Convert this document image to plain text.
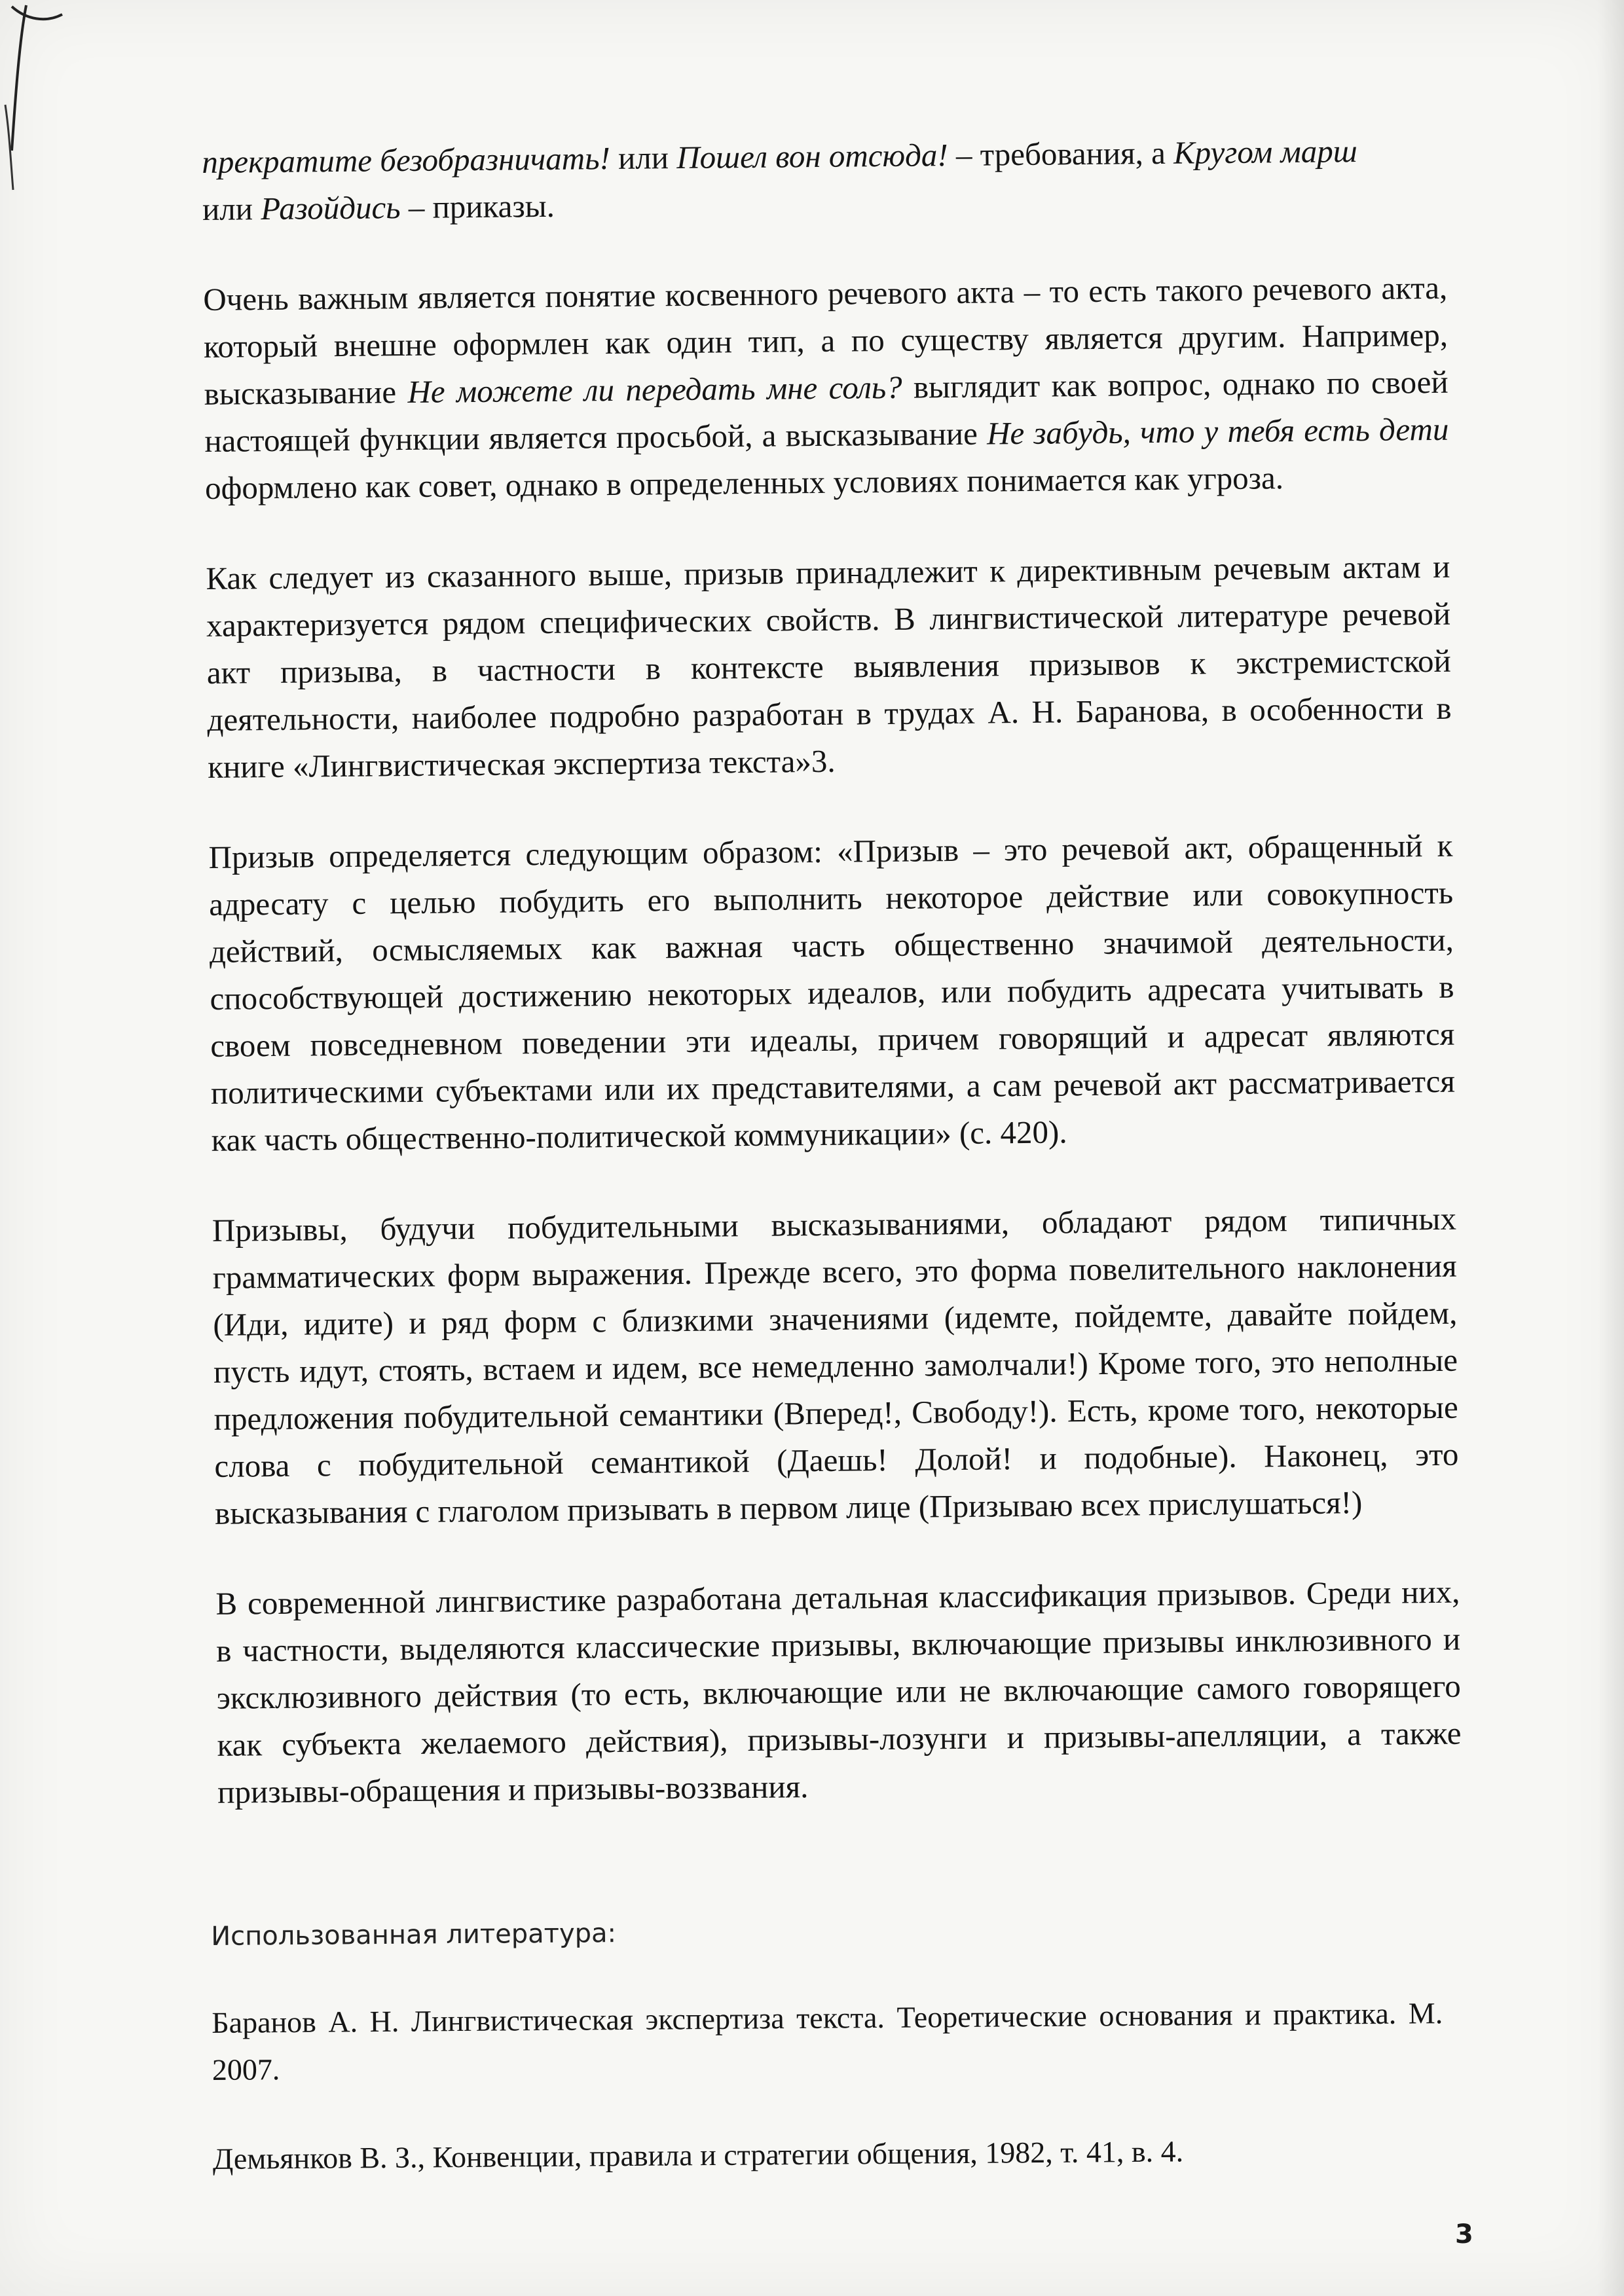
прекратите безобразничать! или Пошел вон отсюда! – требования, а Кругом марш
или Разойдись – приказы.

Очень важным является понятие косвенного речевого акта – то есть такого речевого акта, который внешне оформлен как один тип, а по существу является другим. Например, высказывание Не можете ли передать мне соль? выглядит как вопрос, однако по своей настоящей функции является просьбой, а высказывание Не забудь, что у тебя есть дети оформлено как совет, однако в определенных условиях понимается как угроза.

Как следует из сказанного выше, призыв принадлежит к директивным речевым актам и характеризуется рядом специфических свойств. В лингвистической литературе речевой акт призыва, в частности в контексте выявления призывов к экстремистской деятельности, наиболее подробно разработан в трудах А. Н. Баранова, в особенности в книге «Лингвистическая экспертиза текста»3.

Призыв определяется следующим образом: «Призыв – это речевой акт, обращенный к адресату с целью побудить его выполнить некоторое действие или совокупность действий, осмысляемых как важная часть общественно значимой деятельности, способствующей достижению некоторых идеалов, или побудить адресата учитывать в своем повседневном поведении эти идеалы, причем говорящий и адресат являются политическими субъектами или их представителями, а сам речевой акт рассматривается как часть общественно-политической коммуникации» (с. 420).

Призывы, будучи побудительными высказываниями, обладают рядом типичных грамматических форм выражения. Прежде всего, это форма повелительного наклонения (Иди, идите) и ряд форм с близкими значениями (идемте, пойдемте, давайте пойдем, пусть идут, стоять, встаем и идем, все немедленно замолчали!) Кроме того, это неполные предложения побудительной семантики (Вперед!, Свободу!). Есть, кроме того, некоторые слова с побудительной семантикой (Даешь! Долой! и подобные). Наконец, это высказывания с глаголом призывать в первом лице (Призываю всех прислушаться!)

В современной лингвистике разработана детальная классификация призывов. Среди них, в частности, выделяются классические призывы, включающие призывы инклюзивного и эксклюзивного действия (то есть, включающие или не включающие самого говорящего как субъекта желаемого действия), призывы-лозунги и призывы-апелляции, а также призывы-обращения и призывы-воззвания.

Использованная литература:
Баранов А. Н. Лингвистическая экспертиза текста. Теоретические основания и практика. М. 2007.
Демьянков В. З., Конвенции, правила и стратегии общения, 1982, т. 41, в. 4.
3
